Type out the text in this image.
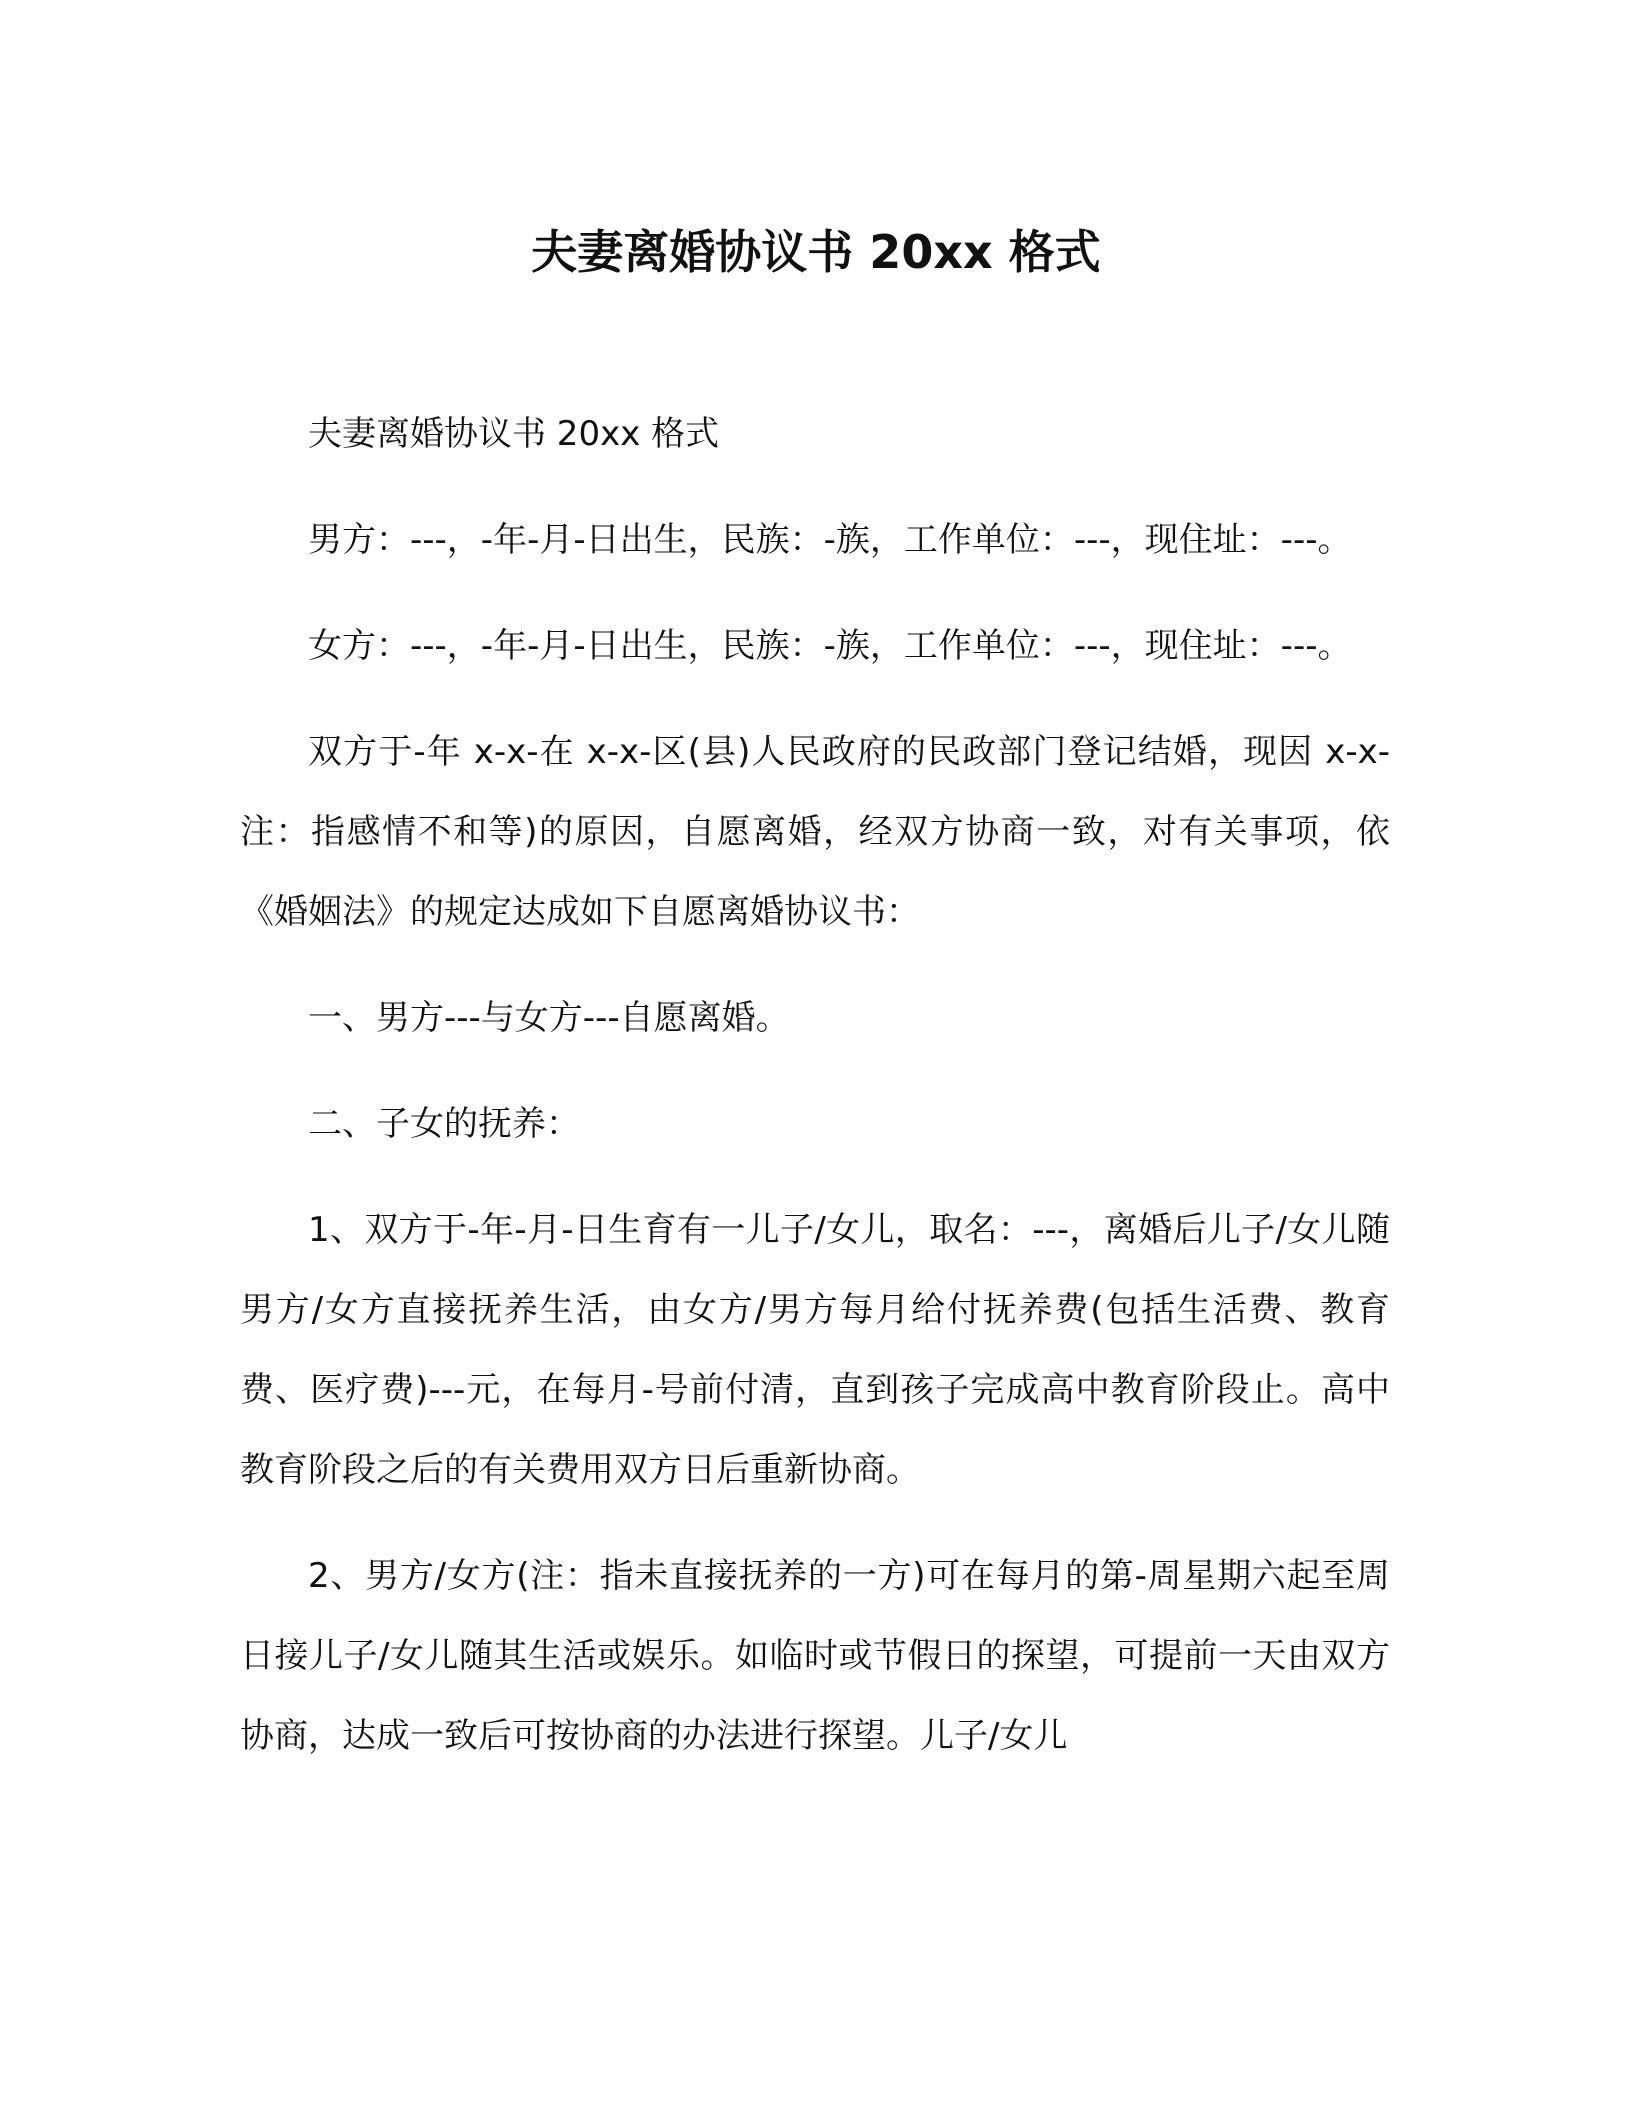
夫妻离婚协议书 20xx 格式

夫妻离婚协议书 20xx 格式

男方：---，-年-月-日出生，民族：-族，工作单位：---，现住址：---。

女方：---，-年-月-日出生，民族：-族，工作单位：---，现住址：---。

双方于-年 x-x-在 x-x-区(县)人民政府的民政部门登记结婚，现因 x-x-注：指感情不和等)的原因，自愿离婚，经双方协商一致，对有关事项，依《婚姻法》的规定达成如下自愿离婚协议书：

一、男方---与女方---自愿离婚。

二、子女的抚养：

1、双方于-年-月-日生育有一儿子/女儿，取名：---，离婚后儿子/女儿随男方/女方直接抚养生活，由女方/男方每月给付抚养费(包括生活费、教育费、医疗费)---元，在每月-号前付清，直到孩子完成高中教育阶段止。高中教育阶段之后的有关费用双方日后重新协商。

2、男方/女方(注：指未直接抚养的一方)可在每月的第-周星期六起至周日接儿子/女儿随其生活或娱乐。如临时或节假日的探望，可提前一天由双方协商，达成一致后可按协商的办法进行探望。儿子/女儿
